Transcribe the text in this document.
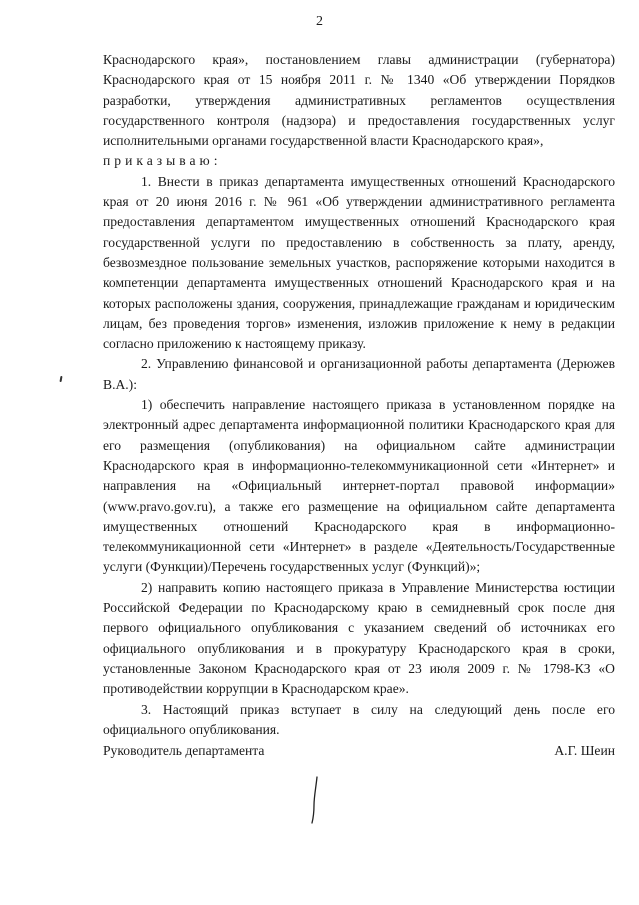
2

Краснодарского края», постановлением главы администрации (губернатора) Краснодарского края от 15 ноября 2011 г. № 1340 «Об утверждении Порядков разработки, утверждения административных регламентов осуществления государственного контроля (надзора) и предоставления государственных услуг исполнительными органами государственной власти Краснодарского края»,

приказываю:

1. Внести в приказ департамента имущественных отношений Краснодарского края от 20 июня 2016 г. № 961 «Об утверждении административного регламента предоставления департаментом имущественных отношений Краснодарского края государственной услуги по предоставлению в собственность за плату, аренду, безвозмездное пользование земельных участков, распоряжение которыми находится в компетенции департамента имущественных отношений Краснодарского края и на которых расположены здания, сооружения, принадлежащие гражданам и юридическим лицам, без проведения торгов» изменения, изложив приложение к нему в редакции согласно приложению к настоящему приказу.

2. Управлению финансовой и организационной работы департамента (Дерюжев В.А.):

1) обеспечить направление настоящего приказа в установленном порядке на электронный адрес департамента информационной политики Краснодарского края для его размещения (опубликования) на официальном сайте администрации Краснодарского края в информационно-телекоммуникационной сети «Интернет» и направления на «Официальный интернет-портал правовой информации» (www.pravo.gov.ru), а также его размещение на официальном сайте департамента имущественных отношений Краснодарского края в информационно-телекоммуникационной сети «Интернет» в разделе «Деятельность/Государственные услуги (Функции)/Перечень государственных услуг (Функций)»;

2) направить копию настоящего приказа в Управление Министерства юстиции Российской Федерации по Краснодарскому краю в семидневный срок после дня первого официального опубликования с указанием сведений об источниках его официального опубликования и в прокуратуру Краснодарского края в сроки, установленные Законом Краснодарского края от 23 июля 2009 г. № 1798-КЗ «О противодействии коррупции в Краснодарском крае».

3. Настоящий приказ вступает в силу на следующий день после его официального опубликования.

Руководитель департамента	А.Г. Шеин
